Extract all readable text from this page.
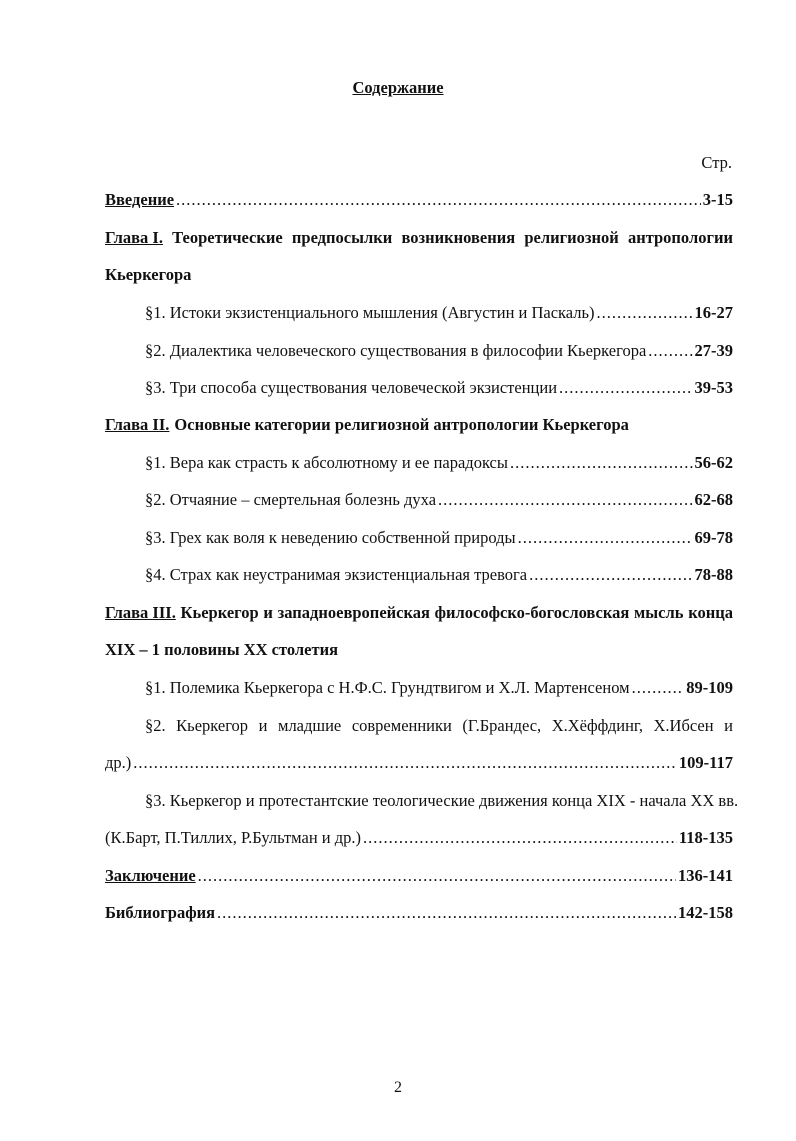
Содержание
Стр.
Введение .....	3-15
Глава I. Теоретические предпосылки возникновения религиозной антропологии
Кьеркегора
§1. Истоки экзистенциального мышления (Августин и Паскаль) .....	16-27
§2. Диалектика человеческого существования в философии Кьеркегора .....	27-39
§3. Три способа существования человеческой экзистенции .....	39-53
Глава II. Основные категории религиозной антропологии Кьеркегора
§1. Вера как страсть к абсолютному и ее парадоксы .....	56-62
§2. Отчаяние – смертельная болезнь духа .....	62-68
§3. Грех как воля к неведению собственной природы .....	69-78
§4. Страх как неустранимая экзистенциальная тревога .....	78-88
Глава III. Кьеркегор и западноевропейская философско-богословская мысль конца
XIX – 1 половины XX столетия
§1. Полемика Кьеркегора с Н.Ф.С. Грундтвигом и Х.Л. Мартенсеном .....	89-109
§2. Кьеркегор и младшие современники (Г.Брандес, Х.Хёффдинг, Х.Ибсен и
др.) .....	109-117
§3. Кьеркегор и протестантские теологические движения конца XIX - начала XX вв.
(К.Барт, П.Тиллих, Р.Бультман и др.) .....	118-135
Заключение .....	136-141
Библиография .....	142-158
2
